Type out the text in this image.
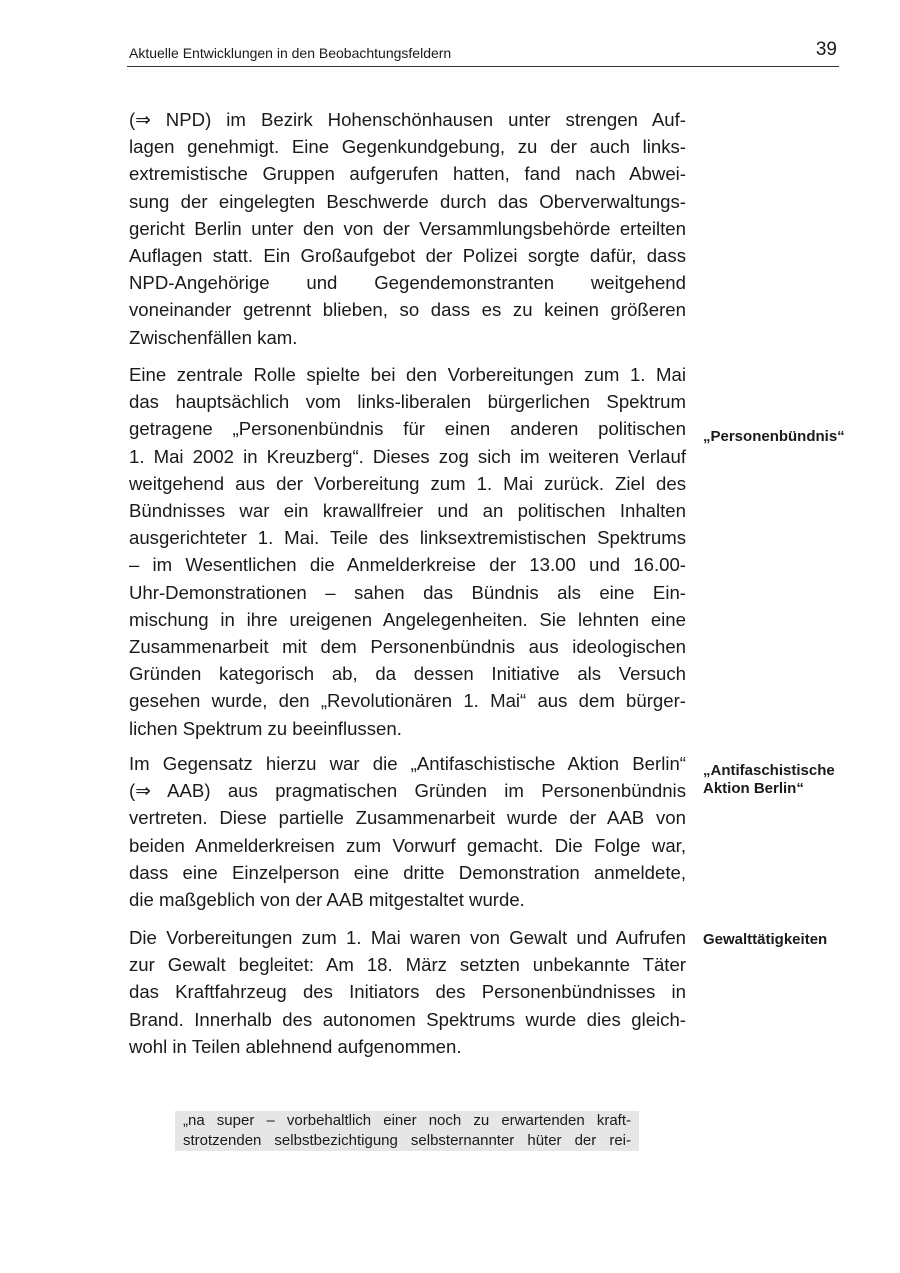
Aktuelle Entwicklungen in den Beobachtungsfeldern	39

(⇒ NPD) im Bezirk Hohenschönhausen unter strengen Auf-
lagen genehmigt. Eine Gegenkundgebung, zu der auch links-
extremistische Gruppen aufgerufen hatten, fand nach Abwei-
sung der eingelegten Beschwerde durch das Oberverwaltungs-
gericht Berlin unter den von der Versammlungsbehörde erteilten
Auflagen statt. Ein Großaufgebot der Polizei sorgte dafür, dass
NPD-Angehörige und Gegendemonstranten weitgehend
voneinander getrennt blieben, so dass es zu keinen größeren
Zwischenfällen kam.

Eine zentrale Rolle spielte bei den Vorbereitungen zum 1. Mai
das hauptsächlich vom links-liberalen bürgerlichen Spektrum
getragene „Personenbündnis für einen anderen politischen
1. Mai 2002 in Kreuzberg“. Dieses zog sich im weiteren Verlauf
weitgehend aus der Vorbereitung zum 1. Mai zurück. Ziel des
Bündnisses war ein krawallfreier und an politischen Inhalten
ausgerichteter 1. Mai. Teile des linksextremistischen Spektrums
– im Wesentlichen die Anmelderkreise der 13.00 und 16.00-
Uhr-Demonstrationen – sahen das Bündnis als eine Ein-
mischung in ihre ureigenen Angelegenheiten. Sie lehnten eine
Zusammenarbeit mit dem Personenbündnis aus ideologischen
Gründen kategorisch ab, da dessen Initiative als Versuch
gesehen wurde, den „Revolutionären 1. Mai“ aus dem bürger-
lichen Spektrum zu beeinflussen.

Im Gegensatz hierzu war die „Antifaschistische Aktion Berlin“
(⇒ AAB) aus pragmatischen Gründen im Personenbündnis
vertreten. Diese partielle Zusammenarbeit wurde der AAB von
beiden Anmelderkreisen zum Vorwurf gemacht. Die Folge war,
dass eine Einzelperson eine dritte Demonstration anmeldete,
die maßgeblich von der AAB mitgestaltet wurde.

Die Vorbereitungen zum 1. Mai waren von Gewalt und Aufrufen
zur Gewalt begleitet: Am 18. März setzten unbekannte Täter
das Kraftfahrzeug des Initiators des Personenbündnisses in
Brand. Innerhalb des autonomen Spektrums wurde dies gleich-
wohl in Teilen ablehnend aufgenommen.

„Personenbündnis“
„Antifaschistische Aktion Berlin“
Gewalttätigkeiten
„na super – vorbehaltlich einer noch zu erwartenden kraft-
strotzenden selbstbezichtigung selbsternannter hüter der rei-
